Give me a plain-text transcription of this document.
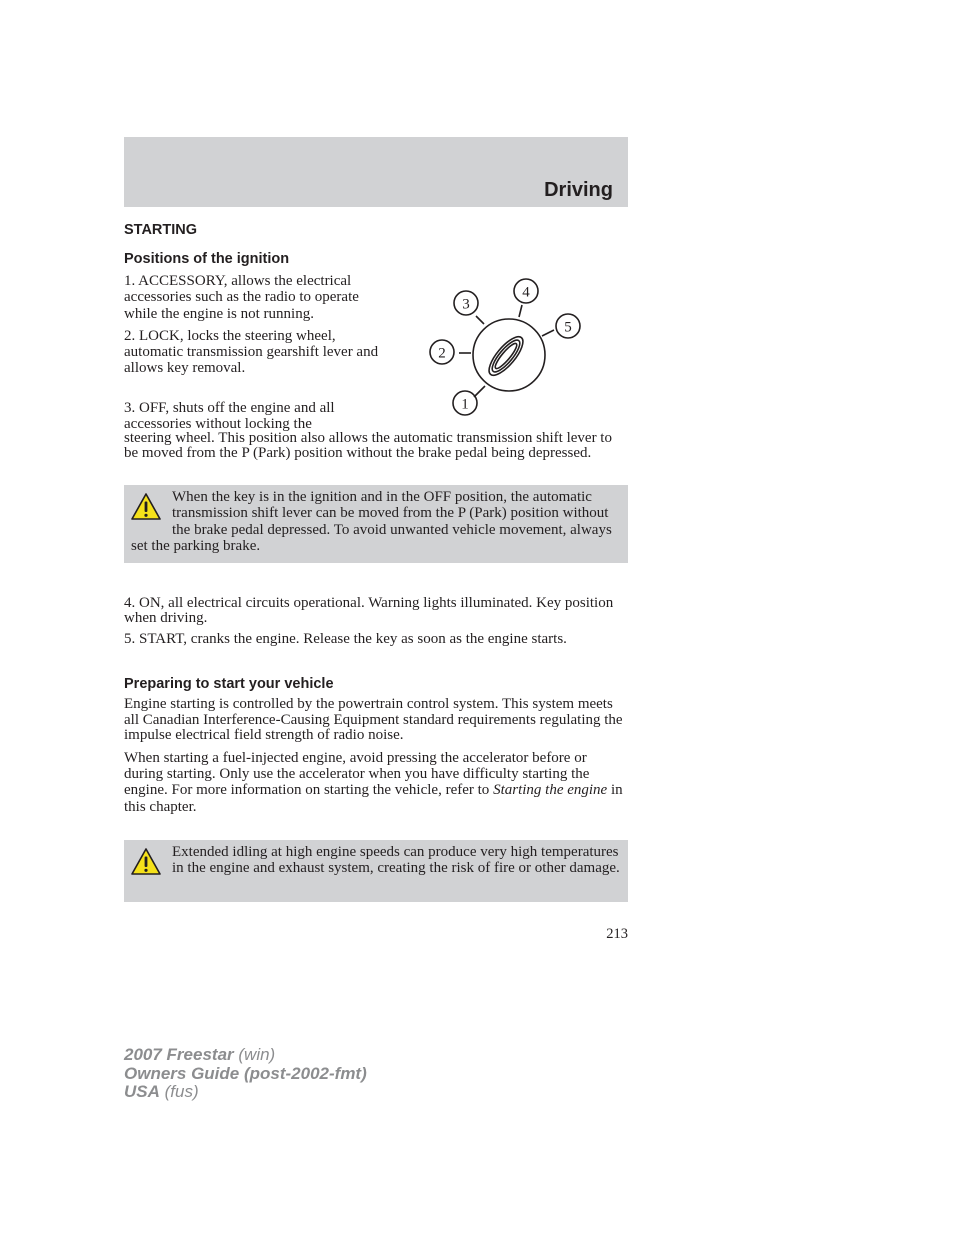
Driving
STARTING
Positions of the ignition

1. ACCESSORY, allows the electrical accessories such as the radio to operate while the engine is not running.

2. LOCK, locks the steering wheel, automatic transmission gearshift lever and allows key removal.

3. OFF, shuts off the engine and all

accessories without locking the

steering wheel. This position also allows the automatic transmission shift lever to be moved from the P (Park) position without the brake pedal being depressed.

1
2
3
4
5

When the key is in the ignition and in the OFF position, the automatic transmission shift lever can be moved from the P (Park) position without the brake pedal depressed. To avoid unwanted vehicle movement, always set the parking brake.

4. ON, all electrical circuits operational. Warning lights illuminated. Key position when driving.

5. START, cranks the engine. Release the key as soon as the engine starts.

Preparing to start your vehicle

Engine starting is controlled by the powertrain control system. This system meets all Canadian Interference-Causing Equipment standard requirements regulating the impulse electrical field strength of radio noise.

When starting a fuel-injected engine, avoid pressing the accelerator before or during starting. Only use the accelerator when you have difficulty starting the engine. For more information on starting the vehicle, refer to Starting the engine in this chapter.

Extended idling at high engine speeds can produce very high temperatures in the engine and exhaust system, creating the risk of fire or other damage.

213
2007 Freestar (win)
Owners Guide (post-2002-fmt)
USA (fus)
